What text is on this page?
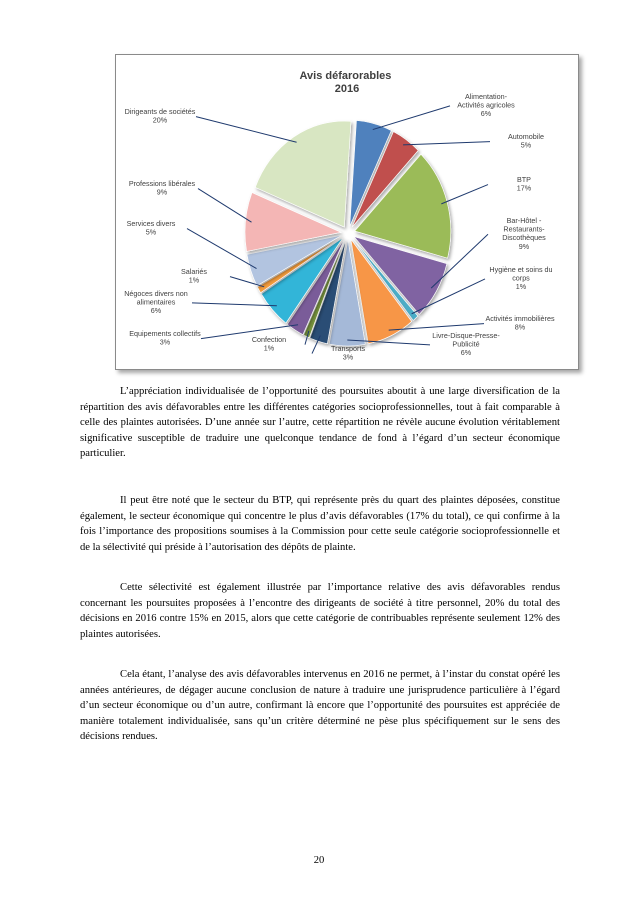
Avis défarorables 2016
Alimentation-Activités agricoles 6%
Automobile 5%
BTP 17%
Bar-Hôtel -Restaurants-Discothèques 9%
Hygiène et soins du corps 1%
Activités immobilières 8%
Livre-Disque-Presse-Publicité 6%
Transports 3%
Confection 1%
Equipements collectifs 3%
Négoces divers non alimentaires 6%
Salariés 1%
Services divers 5%
Professions libérales 9%
Dirigeants de sociétés 20%

L’appréciation individualisée de l’opportunité des poursuites aboutit à une large diversification de la répartition des avis défavorables entre les différentes catégories socioprofessionnelles, tout à fait comparable à celle des plaintes autorisées. D’une année sur l’autre, cette répartition ne révèle aucune évolution véritablement significative susceptible de traduire une quelconque tendance de fond à l’égard d’un secteur économique particulier.

Il peut être noté que le secteur du BTP, qui représente près du quart des plaintes déposées, constitue également, le secteur économique qui concentre le plus d’avis défavorables (17% du total), ce qui confirme à la fois l’importance des propositions soumises à la Commission pour cette seule catégorie socioprofessionnelle et de la sélectivité qui préside à l’autorisation des dépôts de plainte.

Cette sélectivité est également illustrée par l’importance relative des avis défavorables rendus concernant les poursuites proposées à l’encontre des dirigeants de société à titre personnel, 20% du total des décisions en 2016 contre 15% en 2015, alors que cette catégorie de contribuables représente seulement 12% des plaintes autorisées.

Cela étant, l’analyse des avis défavorables intervenus en 2016 ne permet, à l’instar du constat opéré les années antérieures, de dégager aucune conclusion de nature à traduire une jurisprudence particulière à l’égard d’un secteur économique ou d’un autre, confirmant là encore que l’opportunité des poursuites est appréciée de manière totalement individualisée, sans qu’un critère déterminé ne pèse plus spécifiquement sur le sens des décisions rendues.

20
